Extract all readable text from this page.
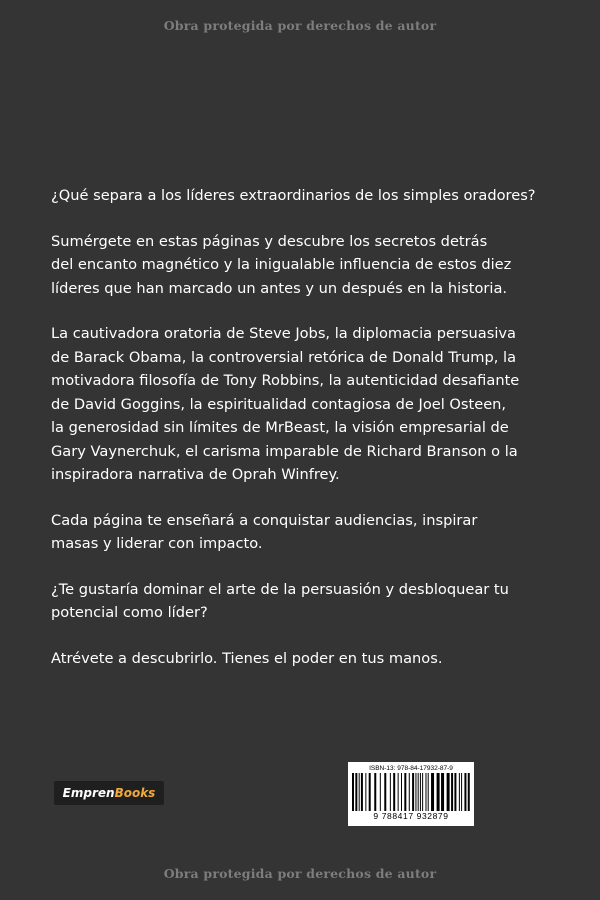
Obra protegida por derechos de autor

¿Qué separa a los líderes extraordinarios de los simples oradores?

Sumérgete en estas páginas y descubre los secretos detrás
del encanto magnético y la inigualable influencia de estos diez
líderes que han marcado un antes y un después en la historia.

La cautivadora oratoria de Steve Jobs, la diplomacia persuasiva
de Barack Obama, la controversial retórica de Donald Trump, la
motivadora filosofía de Tony Robbins, la autenticidad desafiante
de David Goggins, la espiritualidad contagiosa de Joel Osteen,
la generosidad sin límites de MrBeast, la visión empresarial de
Gary Vaynerchuk, el carisma imparable de Richard Branson o la
inspiradora narrativa de Oprah Winfrey.

Cada página te enseñará a conquistar audiencias, inspirar
masas y liderar con impacto.

¿Te gustaría dominar el arte de la persuasión y desbloquear tu
potencial como líder?

Atrévete a descubrirlo. Tienes el poder en tus manos.

Empren Books
ISBN-13: 978-84-17932-87-9
9 788417 932879
Obra protegida por derechos de autor
